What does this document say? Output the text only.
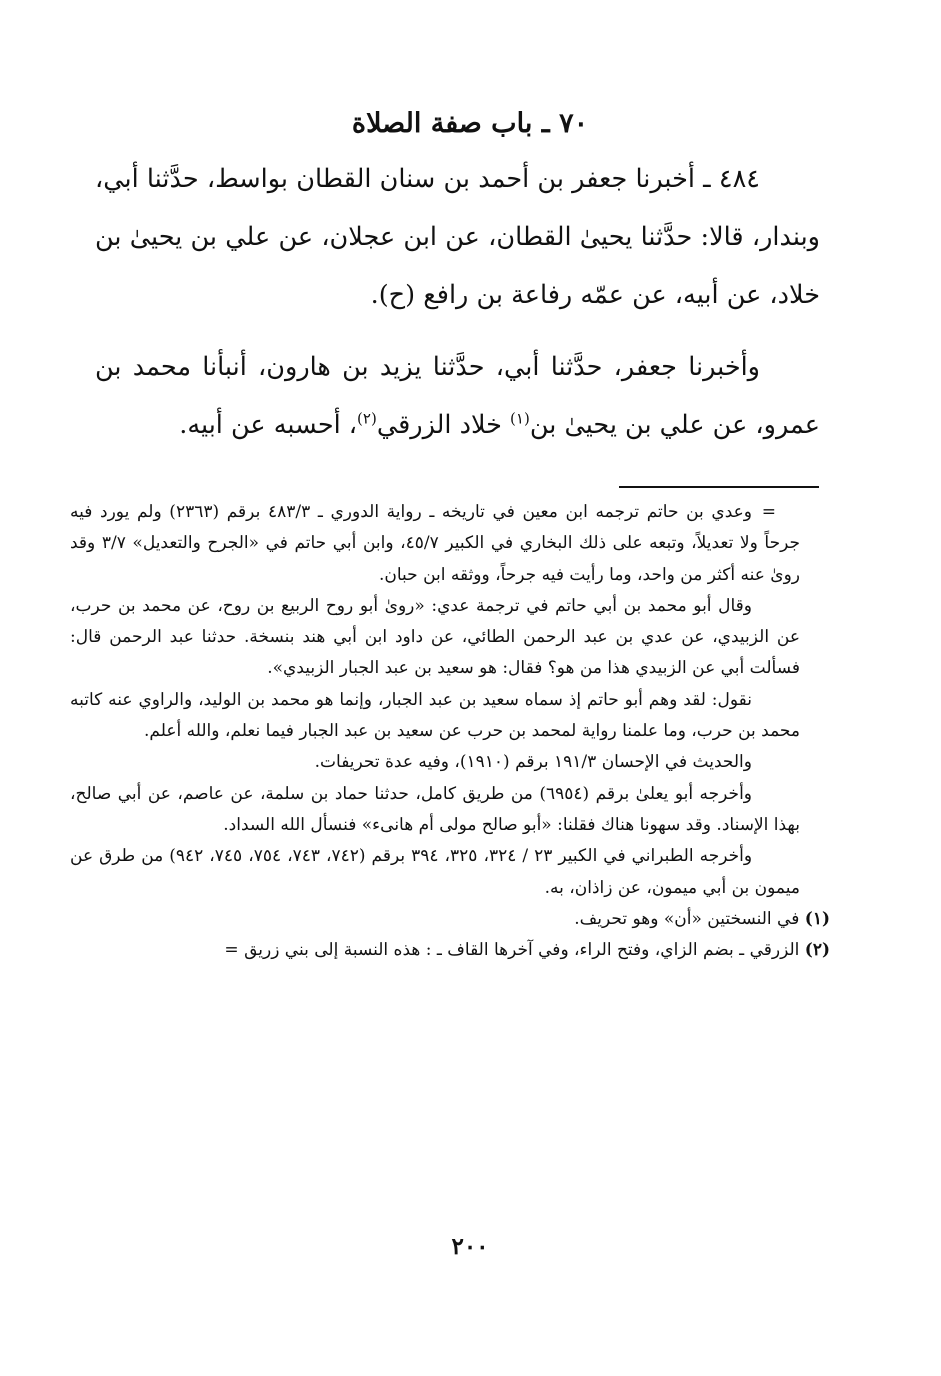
٧٠ ـ باب صفة الصلاة

٤٨٤ ـ أخبرنا جعفر بن أحمد بن سنان القطان بواسط، حدَّثنا أبي، وبندار، قالا: حدَّثنا يحيىٰ القطان، عن ابن عجلان، عن علي بن يحيىٰ بن خلاد، عن أبيه، عن عمّه رفاعة بن رافع (ح).

وأخبرنا جعفر، حدَّثنا أبي، حدَّثنا يزيد بن هارون، أنبأنا محمد بن عمرو، عن علي بن يحيىٰ بن$^{(١)}$ خلاد الزرقي$^{(٢)}$، أحسبه عن أبيه.

=
وعدي بن حاتم ترجمه ابن معين في تاريخه ـ رواية الدوري ـ ٤٨٣/٣ برقم (٢٣٦٣) ولم يورد فيه جرحاً ولا تعديلاً، وتبعه على ذلك البخاري في الكبير ٤٥/٧، وابن أبي حاتم في «الجرح والتعديل» ٣/٧ وقد روىٰ عنه أكثر من واحد، وما رأيت فيه جرحاً، ووثقه ابن حبان.

وقال أبو محمد بن أبي حاتم في ترجمة عدي: «روىٰ أبو روح الربيع بن روح، عن محمد بن حرب، عن الزبيدي، عن عدي بن عبد الرحمن الطائي، عن داود ابن أبي هند بنسخة. حدثنا عبد الرحمن قال: فسألت أبي عن الزبيدي هذا من هو؟ فقال: هو سعيد بن عبد الجبار الزبيدي».

نقول: لقد وهم أبو حاتم إذ سماه سعيد بن عبد الجبار، وإنما هو محمد بن الوليد، والراوي عنه كاتبه محمد بن حرب، وما علمنا رواية لمحمد بن حرب عن سعيد بن عبد الجبار فيما نعلم، والله أعلم.

والحديث في الإحسان ١٩١/٣ برقم (١٩١٠)، وفيه عدة تحريفات.

وأخرجه أبو يعلىٰ برقم (٦٩٥٤) من طريق كامل، حدثنا حماد بن سلمة، عن عاصم، عن أبي صالح، بهذا الإسناد. وقد سهونا هناك فقلنا: «أبو صالح مولى أم هانىء» فنسأل الله السداد.

وأخرجه الطبراني في الكبير ٢٣ / ٣٢٤، ٣٢٥، ٣٩٤ برقم (٧٤٢، ٧٤٣، ٧٥٤، ٧٤٥، ٩٤٢) من طرق عن ميمون بن أبي ميمون، عن زاذان، به.

(١) في النسختين «أن» وهو تحريف.

(٢) الزرقي ـ بضم الزاي، وفتح الراء، وفي آخرها القاف ـ : هذه النسبة إلى بني زريق =

٢٠٠
